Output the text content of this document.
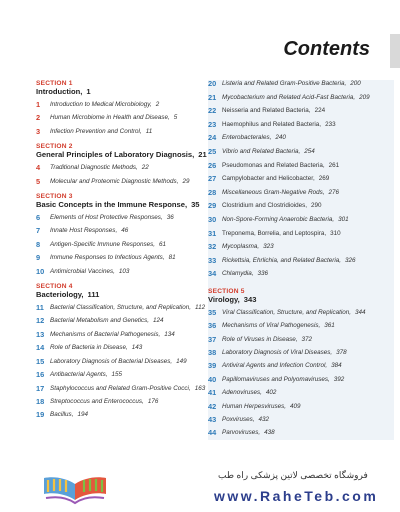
Contents
SECTION 1
Introduction, 1
1	Introduction to Medical Microbiology, 2
2	Human Microbiome in Health and Disease, 5
3	Infection Prevention and Control, 11
SECTION 2
General Principles of Laboratory Diagnosis, 21
4	Traditional Diagnostic Methods, 22
5	Molecular and Proteomic Diagnostic Methods, 29
SECTION 3
Basic Concepts in the Immune Response, 35
6	Elements of Host Protective Responses, 36
7	Innate Host Responses, 46
8	Antigen-Specific Immune Responses, 61
9	Immune Responses to Infectious Agents, 81
10 Antimicrobial Vaccines, 103
SECTION 4
Bacteriology, 111
11 Bacterial Classification, Structure, and Replication, 112
12 Bacterial Metabolism and Genetics, 124
13 Mechanisms of Bacterial Pathogenesis, 134
14 Role of Bacteria in Disease, 143
15 Laboratory Diagnosis of Bacterial Diseases, 149
16 Antibacterial Agents, 155
17 Staphylococcus and Related Gram-Positive Cocci, 163
18 Streptococcus and Enterococcus, 176
19 Bacillus, 194
20 Listeria and Related Gram-Positive Bacteria, 200
21 Mycobacterium and Related Acid-Fast Bacteria, 209
22 Neisseria and Related Bacteria, 224
23 Haemophilus and Related Bacteria, 233
24 Enterobacterales, 240
25 Vibrio and Related Bacteria, 254
26 Pseudomonas and Related Bacteria, 261
27 Campylobacter and Helicobacter, 269
28 Miscellaneous Gram-Negative Rods, 276
29 Clostridium and Clostridioides, 290
30 Non-Spore-Forming Anaerobic Bacteria, 301
31 Treponema, Borrelia, and Leptospira, 310
32 Mycoplasma, 323
33 Rickettsia, Ehrlichia, and Related Bacteria, 326
34 Chlamydia, 336
SECTION 5
Virology, 343
35 Viral Classification, Structure, and Replication, 344
36 Mechanisms of Viral Pathogenesis, 361
37 Role of Viruses in Disease, 372
38 Laboratory Diagnosis of Viral Diseases, 378
39 Antiviral Agents and Infection Control, 384
40 Papillomaviruses and Polyomaviruses, 392
41 Adenoviruses, 402
42 Human Herpesviruses, 409
43 Poxviruses, 432
44 Parvoviruses, 438
فروشگاه تخصصی لاتین پزشکی راه طب
www.RaheTeb.com
